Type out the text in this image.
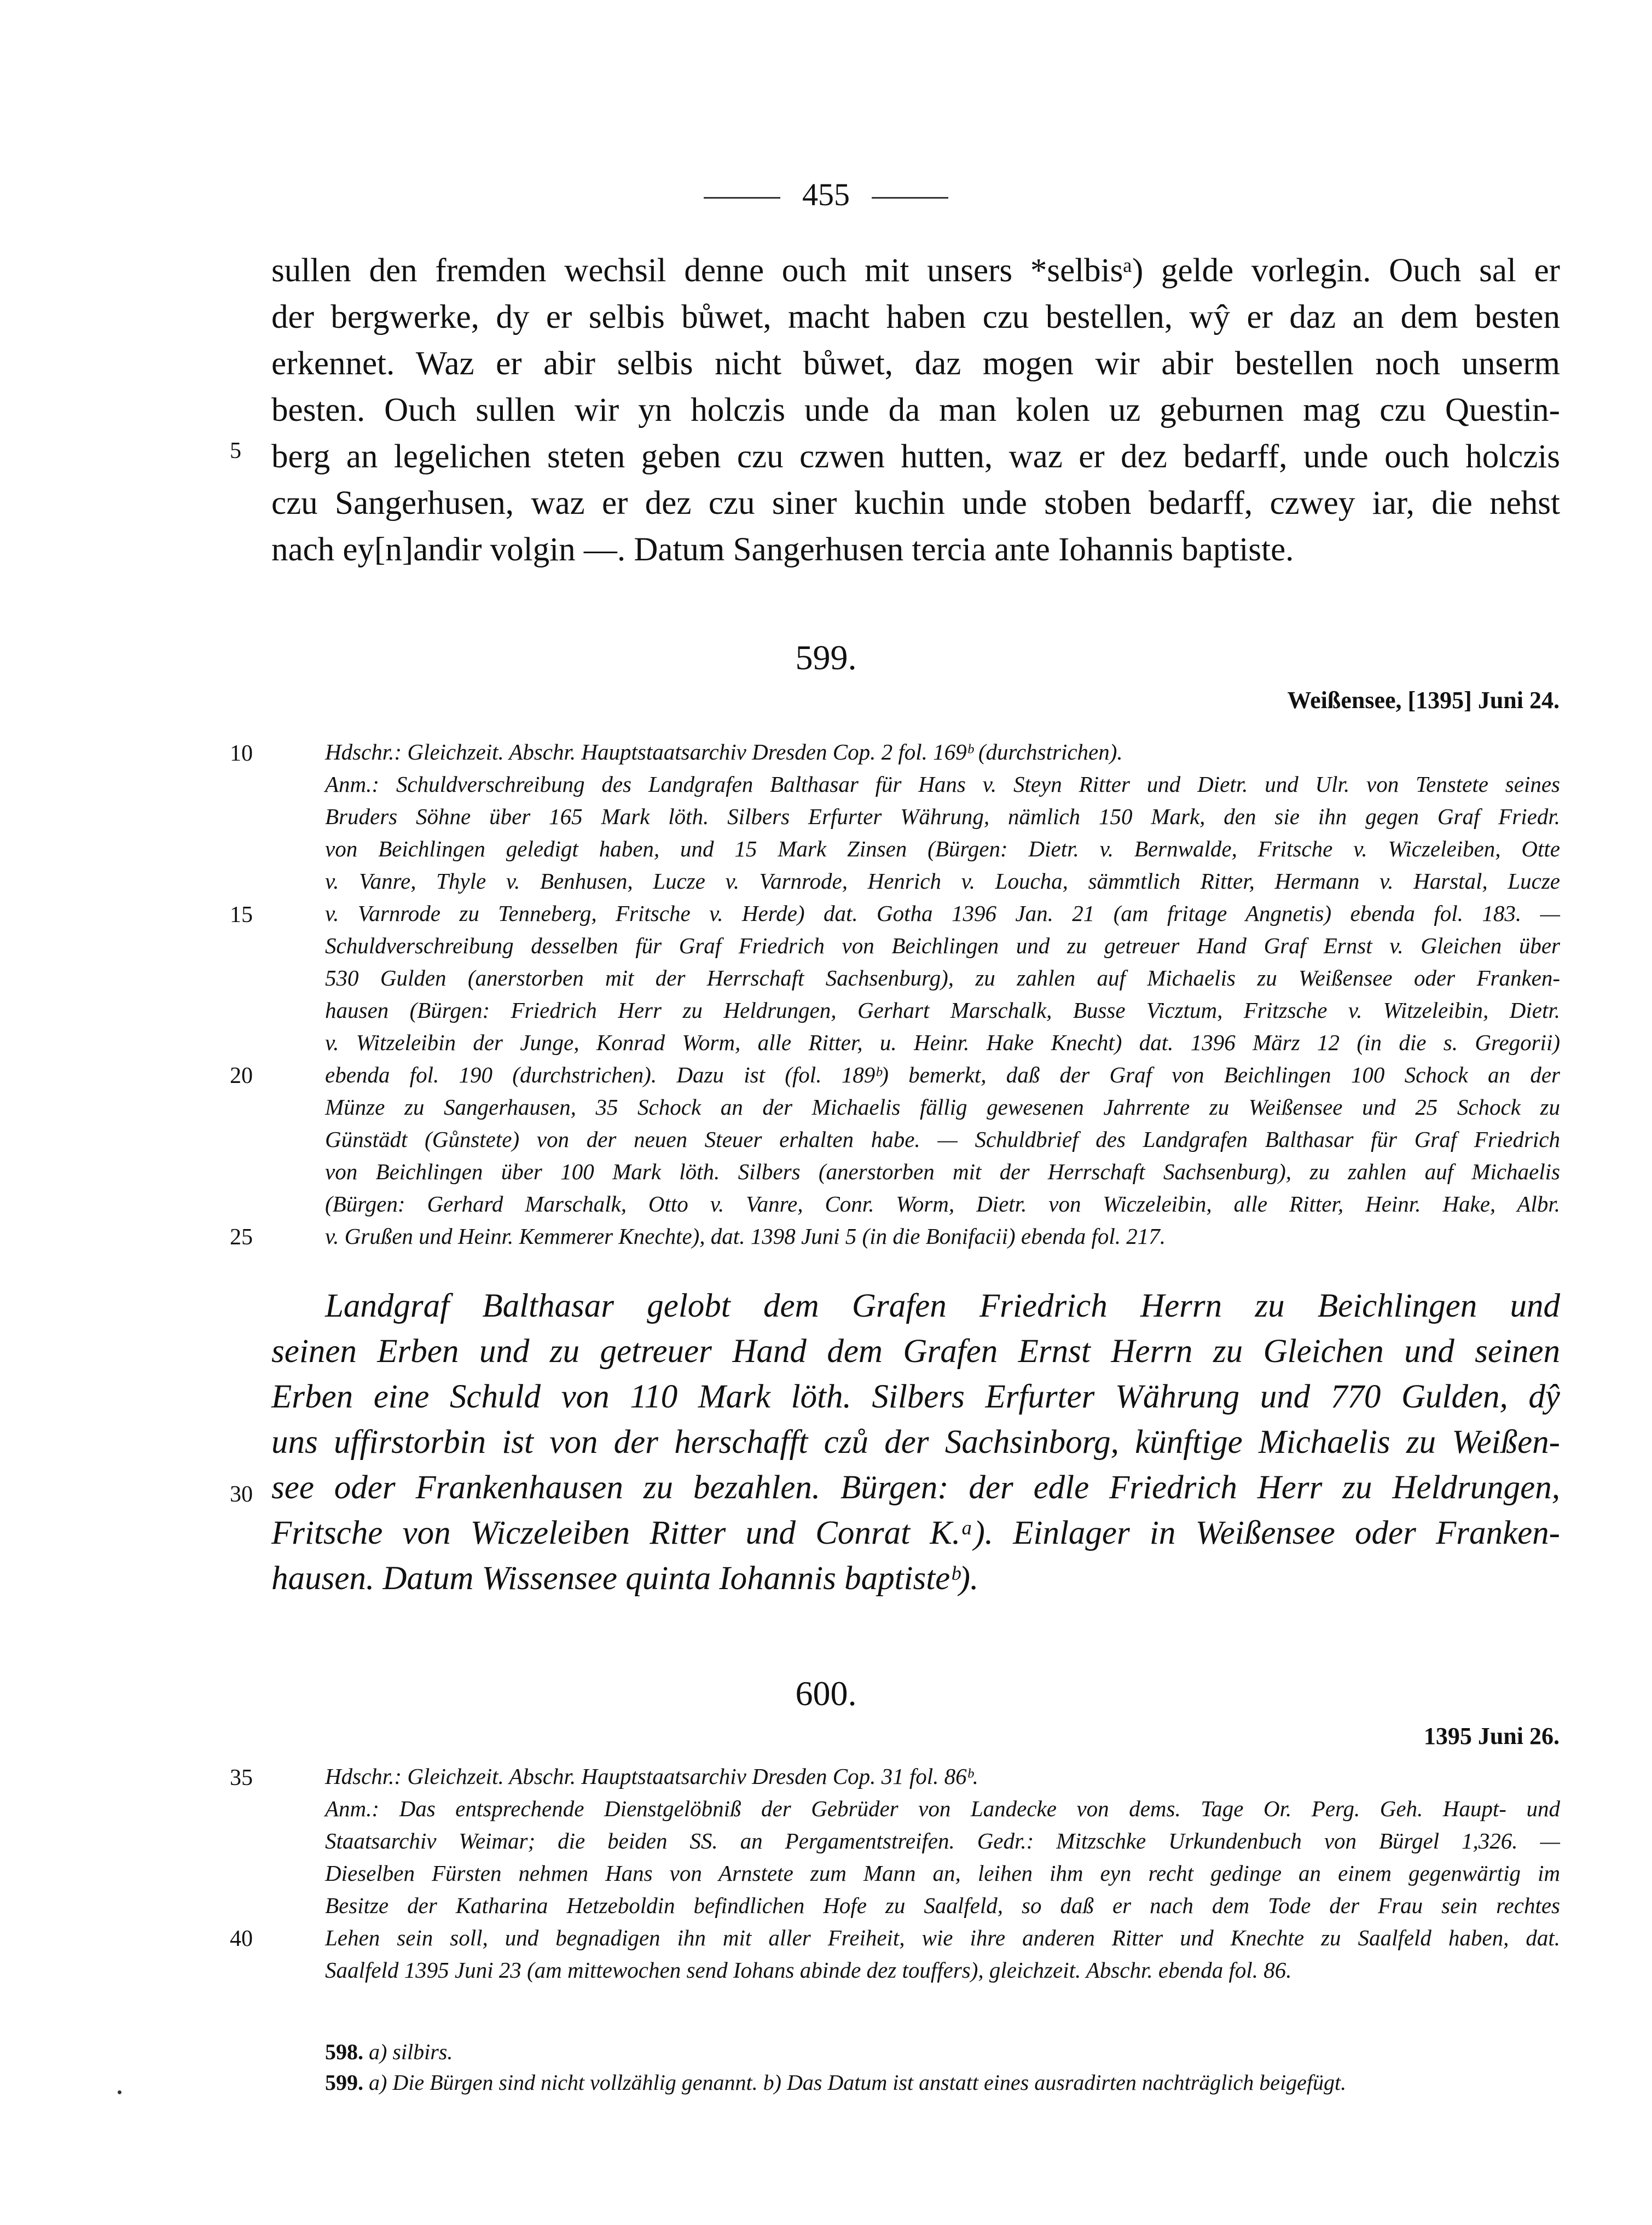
455
sullen den fremden wechsil denne ouch mit unsers *selbisᵃ) gelde vorlegin. Ouch sal er
der bergwerke, dy er selbis bůwet, macht haben czu bestellen, wŷ er daz an dem besten
erkennet. Waz er abir selbis nicht bůwet, daz mogen wir abir bestellen noch unserm
besten. Ouch sullen wir yn holczis unde da man kolen uz geburnen mag czu Questin-
berg an legelichen steten geben czu czwen hutten, waz er dez bedarff, unde ouch holczis
czu Sangerhusen, waz er dez czu siner kuchin unde stoben bedarff, czwey iar, die nehst
nach ey[n]andir volgin —. Datum Sangerhusen tercia ante Iohannis baptiste.
5
10
15
20
25
30
35
40
599.
Weißensee, [1395] Juni 24.
Hdschr.: Gleichzeit. Abschr. Hauptstaatsarchiv Dresden Cop. 2 fol. 169ᵇ (durchstrichen).
Anm.: Schuldverschreibung des Landgrafen Balthasar für Hans v. Steyn Ritter und Dietr. und Ulr. von Tenstete seines
Bruders Söhne über 165 Mark löth. Silbers Erfurter Währung, nämlich 150 Mark, den sie ihn gegen Graf Friedr.
von Beichlingen geledigt haben, und 15 Mark Zinsen (Bürgen: Dietr. v. Bernwalde, Fritsche v. Wiczeleiben, Otte
v. Vanre, Thyle v. Benhusen, Lucze v. Varnrode, Henrich v. Loucha, sämmtlich Ritter, Hermann v. Harstal, Lucze
v. Varnrode zu Tenneberg, Fritsche v. Herde) dat. Gotha 1396 Jan. 21 (am fritage Angnetis) ebenda fol. 183. —
Schuldverschreibung desselben für Graf Friedrich von Beichlingen und zu getreuer Hand Graf Ernst v. Gleichen über
530 Gulden (anerstorben mit der Herrschaft Sachsenburg), zu zahlen auf Michaelis zu Weißensee oder Franken-
hausen (Bürgen: Friedrich Herr zu Heldrungen, Gerhart Marschalk, Busse Vicztum, Fritzsche v. Witzeleibin, Dietr.
v. Witzeleibin der Junge, Konrad Worm, alle Ritter, u. Heinr. Hake Knecht) dat. 1396 März 12 (in die s. Gregorii)
ebenda fol. 190 (durchstrichen). Dazu ist (fol. 189ᵇ) bemerkt, daß der Graf von Beichlingen 100 Schock an der
Münze zu Sangerhausen, 35 Schock an der Michaelis fällig gewesenen Jahrrente zu Weißensee und 25 Schock zu
Günstädt (Gůnstete) von der neuen Steuer erhalten habe. — Schuldbrief des Landgrafen Balthasar für Graf Friedrich
von Beichlingen über 100 Mark löth. Silbers (anerstorben mit der Herrschaft Sachsenburg), zu zahlen auf Michaelis
(Bürgen: Gerhard Marschalk, Otto v. Vanre, Conr. Worm, Dietr. von Wiczeleibin, alle Ritter, Heinr. Hake, Albr.
v. Grußen und Heinr. Kemmerer Knechte), dat. 1398 Juni 5 (in die Bonifacii) ebenda fol. 217.
Landgraf Balthasar gelobt dem Grafen Friedrich Herrn zu Beichlingen und
seinen Erben und zu getreuer Hand dem Grafen Ernst Herrn zu Gleichen und seinen
Erben eine Schuld von 110 Mark löth. Silbers Erfurter Währung und 770 Gulden, dŷ
uns uffirstorbin ist von der herschafft czů der Sachsinborg, künftige Michaelis zu Weißen-
see oder Frankenhausen zu bezahlen. Bürgen: der edle Friedrich Herr zu Heldrungen,
Fritsche von Wiczeleiben Ritter und Conrat K.ᵃ). Einlager in Weißensee oder Franken-
hausen. Datum Wissensee quinta Iohannis baptisteᵇ).
600.
1395 Juni 26.
Hdschr.: Gleichzeit. Abschr. Hauptstaatsarchiv Dresden Cop. 31 fol. 86ᵇ.
Anm.: Das entsprechende Dienstgelöbniß der Gebrüder von Landecke von dems. Tage Or. Perg. Geh. Haupt- und
Staatsarchiv Weimar; die beiden SS. an Pergamentstreifen. Gedr.: Mitzschke Urkundenbuch von Bürgel 1,326. —
Dieselben Fürsten nehmen Hans von Arnstete zum Mann an, leihen ihm eyn recht gedinge an einem gegenwärtig im
Besitze der Katharina Hetzeboldin befindlichen Hofe zu Saalfeld, so daß er nach dem Tode der Frau sein rechtes
Lehen sein soll, und begnadigen ihn mit aller Freiheit, wie ihre anderen Ritter und Knechte zu Saalfeld haben, dat.
Saalfeld 1395 Juni 23 (am mittewochen send Iohans abinde dez touffers), gleichzeit. Abschr. ebenda fol. 86.
598. a) silbirs.
599. a) Die Bürgen sind nicht vollzählig genannt. b) Das Datum ist anstatt eines ausradirten nachträglich beigefügt.
